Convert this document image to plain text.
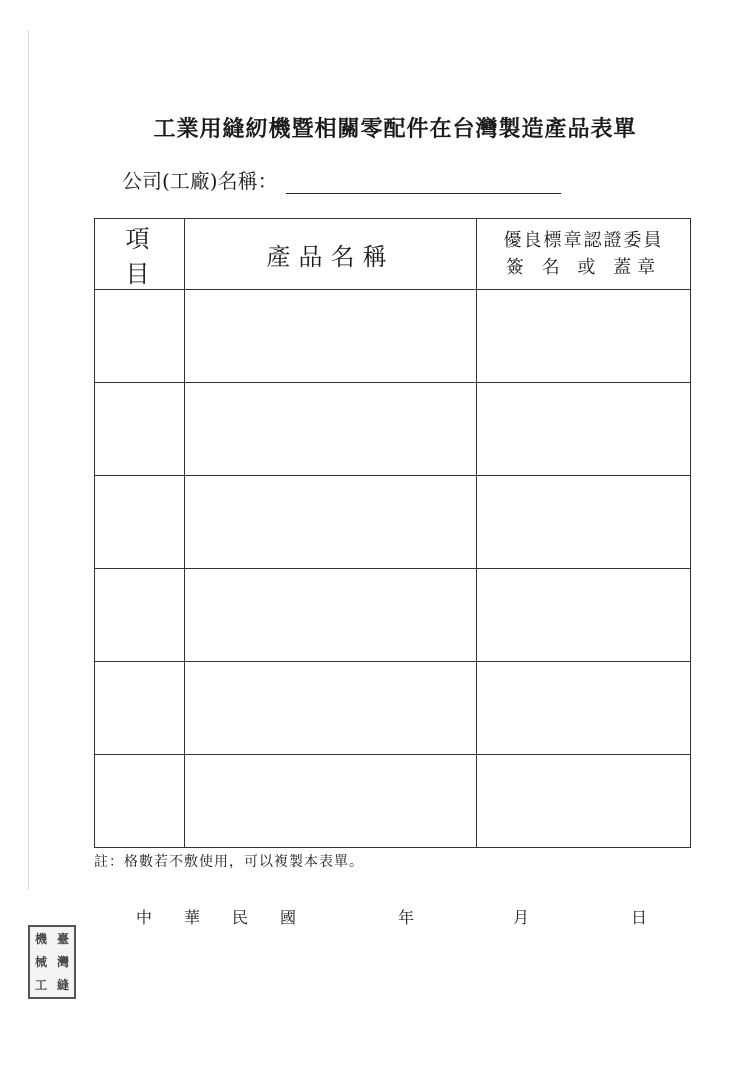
工業用縫紉機暨相關零配件在台灣製造產品表單
公司(工廠)名稱：
項 目	產品名稱	優良標章認證委員
簽 名 或 蓋章

註：格數若不敷使用，可以複製本表單。
中 華 民 國	年	月	日
機 臺
械 灣
工 縫
